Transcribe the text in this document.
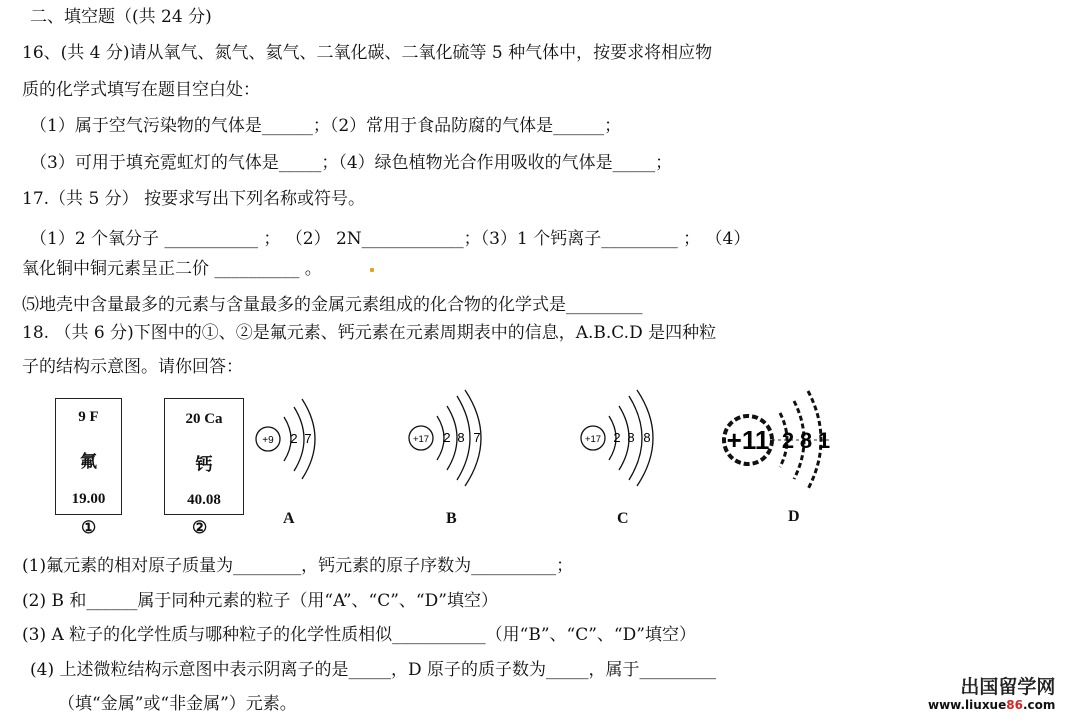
二、填空题（(共 24 分)
16、(共 4 分)请从氧气、氮气、氦气、二氧化碳、二氧化硫等 5 种气体中，按要求将相应物
质的化学式填写在题目空白处：
（1）属于空气污染物的气体是______；（2）常用于食品防腐的气体是______；
（3）可用于填充霓虹灯的气体是_____；（4）绿色植物光合作用吸收的气体是_____；
17.（共 5 分） 按要求写出下列名称或符号。
（1）2 个氧分子 ___________ ； （2） 2N____________；（3）1 个钙离子_________ ； （4）
氧化铜中铜元素呈正二价 __________ 。
⑸地壳中含量最多的元素与含量最多的金属元素组成的化合物的化学式是_________
18. （共 6 分)下图中的①、②是氟元素、钙元素在元素周期表中的信息，A.B.C.D 是四种粒
子的结构示意图。请你回答：
9 F
氟
19.00
①
20 Ca
钙
40.08
②
+9 2 7
A
+17 2 8 7
B
+17 2 8 8
C
+11 2 8 1
D
(1)氟元素的相对原子质量为________，钙元素的原子序数为__________；
(2) B 和______属于同种元素的粒子（用“A”、“C”、“D”填空）
(3) A 粒子的化学性质与哪种粒子的化学性质相似___________（用“B”、“C”、“D”填空）
(4) 上述微粒结构示意图中表示阴离子的是_____，D 原子的质子数为_____，属于_________
（填“金属”或“非金属”）元素。
出国留学网
www.liuxue86.com
